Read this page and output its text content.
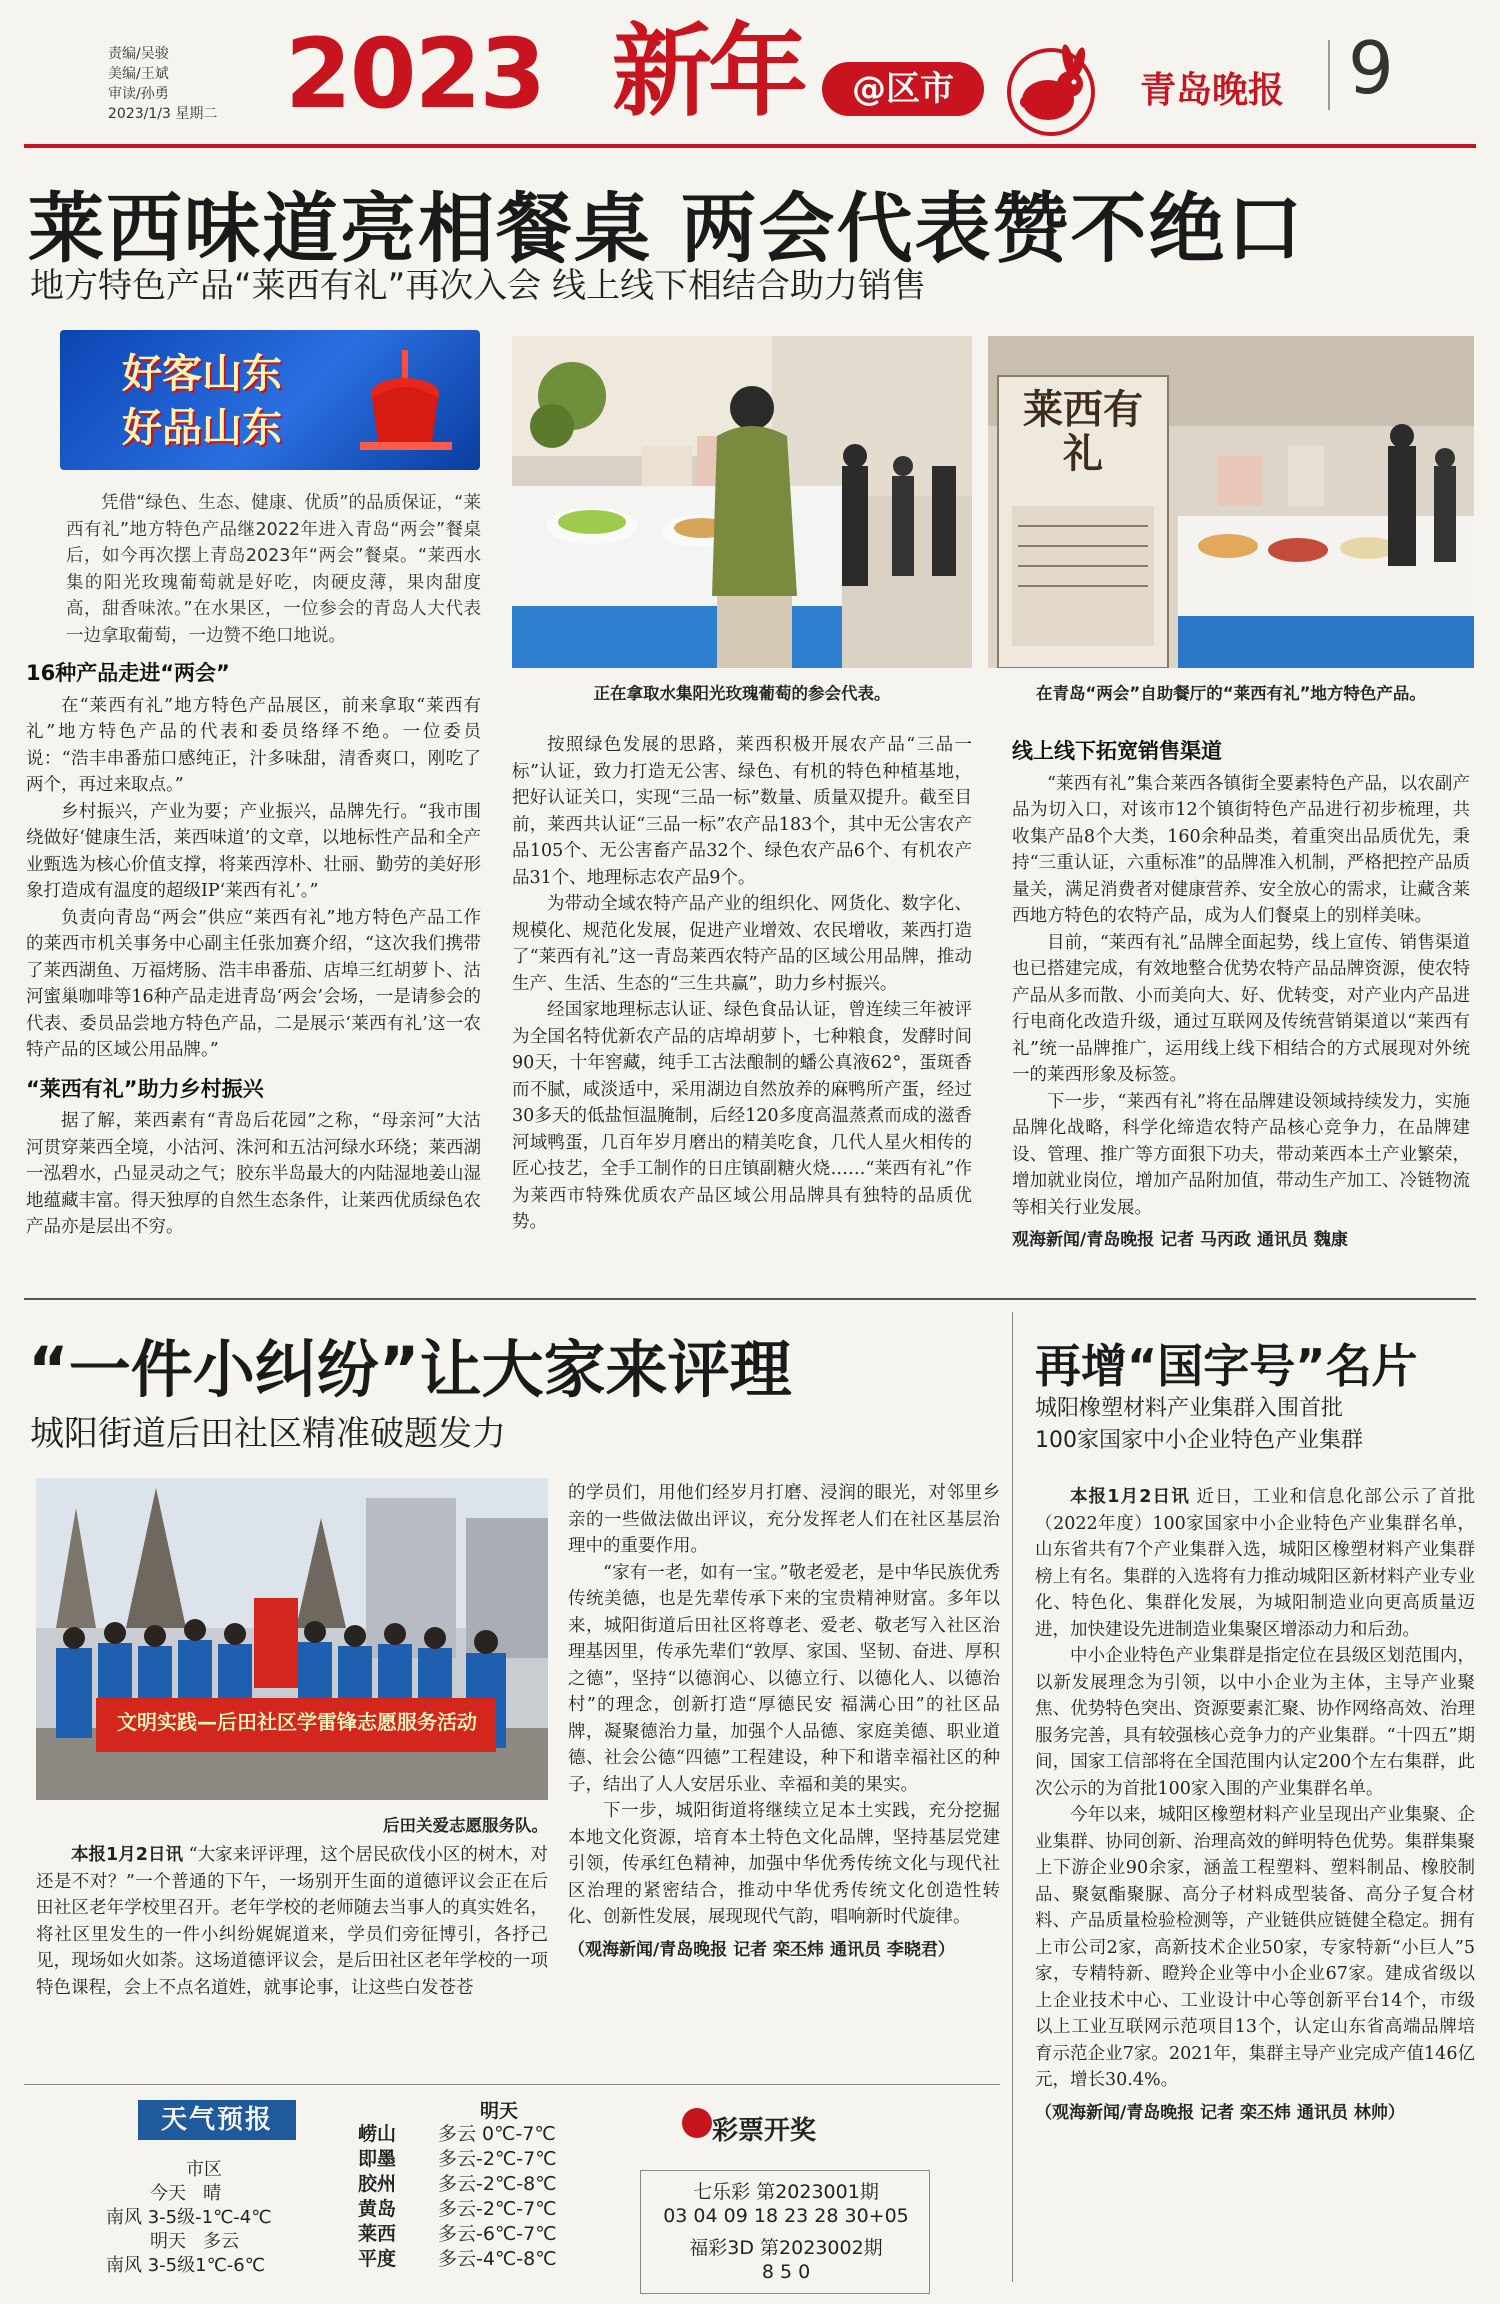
责编/吴骏
美编/王斌
审读/孙勇
2023/1/3 星期二 2023 新年	@区市	青岛晚报 9
莱西味道亮相餐桌 两会代表赞不绝口
地方特色产品“莱西有礼”再次入会 线上线下相结合助力销售
好客山东
好品山东

凭借“绿色、生态、健康、优质”的品质保证，“莱西有礼”地方特色产品继2022年进入青岛“两会”餐桌后，如今再次摆上青岛2023年“两会”餐桌。“莱西水集的阳光玫瑰葡萄就是好吃，肉硬皮薄，果肉甜度高，甜香味浓。”在水果区，一位参会的青岛人大代表一边拿取葡萄，一边赞不绝口地说。

16种产品走进“两会”

在“莱西有礼”地方特色产品展区，前来拿取“莱西有礼”地方特色产品的代表和委员络绎不绝。一位委员说：“浩丰串番茄口感纯正，汁多味甜，清香爽口，刚吃了两个，再过来取点。”

乡村振兴，产业为要；产业振兴，品牌先行。“我市围绕做好‘健康生活，莱西味道’的文章，以地标性产品和全产业甄选为核心价值支撑，将莱西淳朴、壮丽、勤劳的美好形象打造成有温度的超级IP‘莱西有礼’。”

负责向青岛“两会”供应“莱西有礼”地方特色产品工作的莱西市机关事务中心副主任张加赛介绍，“这次我们携带了莱西湖鱼、万福烤肠、浩丰串番茄、店埠三红胡萝卜、沽河蜜巢咖啡等16种产品走进青岛‘两会’会场，一是请参会的代表、委员品尝地方特色产品，二是展示‘莱西有礼’这一农特产品的区域公用品牌。”

“莱西有礼”助力乡村振兴

据了解，莱西素有“青岛后花园”之称，“母亲河”大沽河贯穿莱西全境，小沽河、洙河和五沽河绿水环绕；莱西湖一泓碧水，凸显灵动之气；胶东半岛最大的内陆湿地姜山湿地蕴藏丰富。得天独厚的自然生态条件，让莱西优质绿色农产品亦是层出不穷。

正在拿取水集阳光玫瑰葡萄的参会代表。
莱西有礼
在青岛“两会”自助餐厅的“莱西有礼”地方特色产品。

按照绿色发展的思路，莱西积极开展农产品“三品一标”认证，致力打造无公害、绿色、有机的特色种植基地，把好认证关口，实现“三品一标”数量、质量双提升。截至目前，莱西共认证“三品一标”农产品183个，其中无公害农产品105个、无公害畜产品32个、绿色农产品6个、有机农产品31个、地理标志农产品9个。

为带动全域农特产品产业的组织化、网货化、数字化、规模化、规范化发展，促进产业增效、农民增收，莱西打造了“莱西有礼”这一青岛莱西农特产品的区域公用品牌，推动生产、生活、生态的“三生共赢”，助力乡村振兴。

经国家地理标志认证、绿色食品认证，曾连续三年被评为全国名特优新农产品的店埠胡萝卜，七种粮食，发酵时间90天，十年窖藏，纯手工古法酿制的蟠公真液62°，蛋斑香而不腻，咸淡适中，采用湖边自然放养的麻鸭所产蛋，经过30多天的低盐恒温腌制，后经120多度高温蒸煮而成的滋香河域鸭蛋，几百年岁月磨出的精美吃食，几代人星火相传的匠心技艺，全手工制作的日庄镇副糖火烧……“莱西有礼”作为莱西市特殊优质农产品区域公用品牌具有独特的品质优势。

线上线下拓宽销售渠道

“莱西有礼”集合莱西各镇街全要素特色产品，以农副产品为切入口，对该市12个镇街特色产品进行初步梳理，共收集产品8个大类，160余种品类，着重突出品质优先，秉持“三重认证，六重标准”的品牌准入机制，严格把控产品质量关，满足消费者对健康营养、安全放心的需求，让藏含莱西地方特色的农特产品，成为人们餐桌上的别样美味。

目前，“莱西有礼”品牌全面起势，线上宣传、销售渠道也已搭建完成，有效地整合优势农特产品品牌资源，使农特产品从多而散、小而美向大、好、优转变，对产业内产品进行电商化改造升级，通过互联网及传统营销渠道以“莱西有礼”统一品牌推广，运用线上线下相结合的方式展现对外统一的莱西形象及标签。

下一步，“莱西有礼”将在品牌建设领域持续发力，实施品牌化战略，科学化缔造农特产品核心竞争力，在品牌建设、管理、推广等方面狠下功夫，带动莱西本土产业繁荣，增加就业岗位，增加产品附加值，带动生产加工、冷链物流等相关行业发展。

观海新闻/青岛晚报 记者 马丙政 通讯员 魏康
“一件小纠纷”让大家来评理
城阳街道后田社区精准破题发力
文明实践—后田社区学雷锋志愿服务活动
后田关爱志愿服务队。

本报1月2日讯 “大家来评评理，这个居民砍伐小区的树木，对还是不对？”一个普通的下午，一场别开生面的道德评议会正在后田社区老年学校里召开。老年学校的老师随去当事人的真实姓名，将社区里发生的一件小纠纷娓娓道来，学员们旁征博引，各抒己见，现场如火如荼。这场道德评议会，是后田社区老年学校的一项特色课程，会上不点名道姓，就事论事，让这些白发苍苍

的学员们，用他们经岁月打磨、浸润的眼光，对邻里乡亲的一些做法做出评议，充分发挥老人们在社区基层治理中的重要作用。

“家有一老，如有一宝。”敬老爱老，是中华民族优秀传统美德，也是先辈传承下来的宝贵精神财富。多年以来，城阳街道后田社区将尊老、爱老、敬老写入社区治理基因里，传承先辈们“敦厚、家国、坚韧、奋进、厚积之德”，坚持“以德润心、以德立行、以德化人、以德治村”的理念，创新打造“厚德民安 福满心田”的社区品牌，凝聚德治力量，加强个人品德、家庭美德、职业道德、社会公德“四德”工程建设，种下和谐幸福社区的种子，结出了人人安居乐业、幸福和美的果实。

下一步，城阳街道将继续立足本土实践，充分挖掘本地文化资源，培育本土特色文化品牌，坚持基层党建引领，传承红色精神，加强中华优秀传统文化与现代社区治理的紧密结合，推动中华优秀传统文化创造性转化、创新性发展，展现现代气韵，唱响新时代旋律。

（观海新闻/青岛晚报 记者 栾丕炜 通讯员 李晓君）
再增“国字号”名片
城阳橡塑材料产业集群入围首批
100家国家中小企业特色产业集群

本报1月2日讯 近日，工业和信息化部公示了首批（2022年度）100家国家中小企业特色产业集群名单，山东省共有7个产业集群入选，城阳区橡塑材料产业集群榜上有名。集群的入选将有力推动城阳区新材料产业专业化、特色化、集群化发展，为城阳制造业向更高质量迈进，加快建设先进制造业集聚区增添动力和后劲。

中小企业特色产业集群是指定位在县级区划范围内，以新发展理念为引领，以中小企业为主体，主导产业聚焦、优势特色突出、资源要素汇聚、协作网络高效、治理服务完善，具有较强核心竞争力的产业集群。“十四五”期间，国家工信部将在全国范围内认定200个左右集群，此次公示的为首批100家入围的产业集群名单。

今年以来，城阳区橡塑材料产业呈现出产业集聚、企业集群、协同创新、治理高效的鲜明特色优势。集群集聚上下游企业90余家，涵盖工程塑料、塑料制品、橡胶制品、聚氨酯聚脲、高分子材料成型装备、高分子复合材料、产品质量检验检测等，产业链供应链健全稳定。拥有上市公司2家，高新技术企业50家，专家特新“小巨人”5家，专精特新、瞪羚企业等中小企业67家。建成省级以上企业技术中心、工业设计中心等创新平台14个，市级以上工业互联网示范项目13个，认定山东省高端品牌培育示范企业7家。2021年，集群主导产业完成产值146亿元，增长30.4%。

（观海新闻/青岛晚报 记者 栾丕炜 通讯员 林帅）
天气预报
市区
今天 晴
南风 3-5级-1℃-4℃
明天 多云
南风 3-5级1℃-6℃
明天
崂山	多云 0℃-7℃
即墨	多云-2℃-7℃
胶州	多云-2℃-8℃
黄岛	多云-2℃-7℃
莱西	多云-6℃-7℃
平度	多云-4℃-8℃
彩票开奖
七乐彩 第2023001期
03 04 09 18 23 28 30+05
福彩3D 第2023002期
8 5 0
